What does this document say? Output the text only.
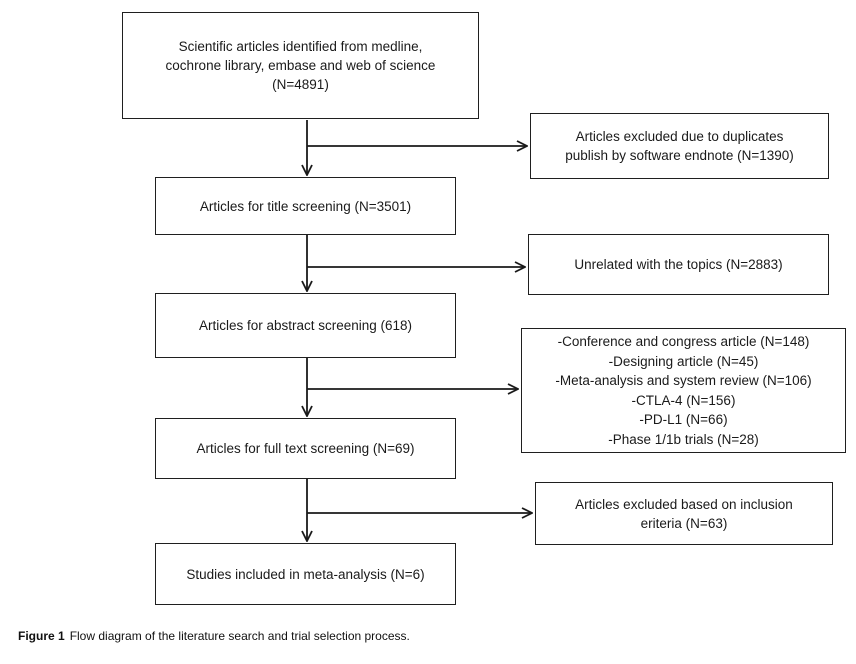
Scientific articles identified from medline,
cochrone library, embase and web of science
(N=4891)
Articles for title screening (N=3501)
Articles for abstract screening (618)
Articles for full text screening (N=69)
Studies included in meta-analysis (N=6)
Articles excluded due to duplicates
publish by software endnote (N=1390)
Unrelated with the topics (N=2883)
-Conference and congress article (N=148)
-Designing article (N=45)
-Meta-analysis and system review (N=106)
-CTLA-4 (N=156)
-PD-L1 (N=66)
-Phase 1/1b trials (N=28)
Articles excluded based on inclusion
eriteria (N=63)
Figure 1 Flow diagram of the literature search and trial selection process.
